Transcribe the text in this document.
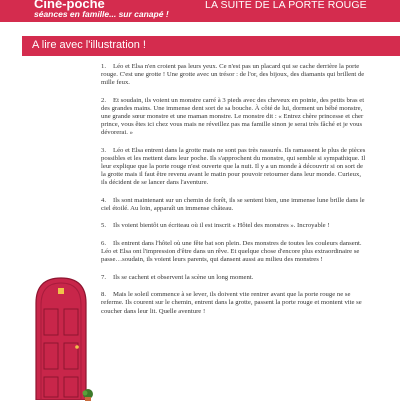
Ciné-poche
séances en famille... sur canapé !
LA SUITE DE LA PORTE ROUGE
A lire avec l'illustration !

1. Léo et Elsa n'en croient pas leurs yeux. Ce n'est pas un placard qui se cache derrière la porte rouge. C'est une grotte ! Une grotte avec un trésor : de l'or, des bijoux, des diamants qui brillent de mille feux.

2. Et soudain, ils voient un monstre carré à 3 pieds avec des cheveux en pointe, des petits bras et des grandes mains. Une immense dent sort de sa bouche. À côté de lui, dorment un bébé monstre, une grande sœur monstre et une maman monstre. Le monstre dit : « Entrez chère princesse et cher prince, vous êtes ici chez vous mais ne réveillez pas ma famille sinon je serai très fâché et je vous dévorerai. »

3. Léo et Elsa entrent dans la grotte mais ne sont pas très rassurés. Ils ramassent le plus de pièces possibles et les mettent dans leur poche. Ils s'approchent du monstre, qui semble si sympathique. Il leur explique que la porte rouge n'est ouverte que la nuit. Il y a un monde à découvrir si on sort de la grotte mais il faut être revenu avant le matin pour pouvoir retourner dans leur monde. Curieux, ils décident de se lancer dans l'aventure.

4. Ils sont maintenant sur un chemin de forêt, ils se sentent bien, une immense lune brille dans le ciel étoilé. Au loin, apparaît un immense château.

5. Ils voient bientôt un écriteau où il est inscrit « Hôtel des monstres ». Incroyable !

6. Ils entrent dans l'hôtel où une fête bat son plein. Des monstres de toutes les couleurs dansent. Léo et Elsa ont l'impression d'être dans un rêve. Et quelque chose d'encore plus extraordinaire se passe…soudain, ils voient leurs parents, qui dansent aussi au milieu des monstres !

7. Ils se cachent et observent la scène un long moment.

8. Mais le soleil commence à se lever, ils doivent vite rentrer avant que la porte rouge ne se referme. Ils courent sur le chemin, entrent dans la grotte, passent la porte rouge et montent vite se coucher dans leur lit. Quelle aventure !
